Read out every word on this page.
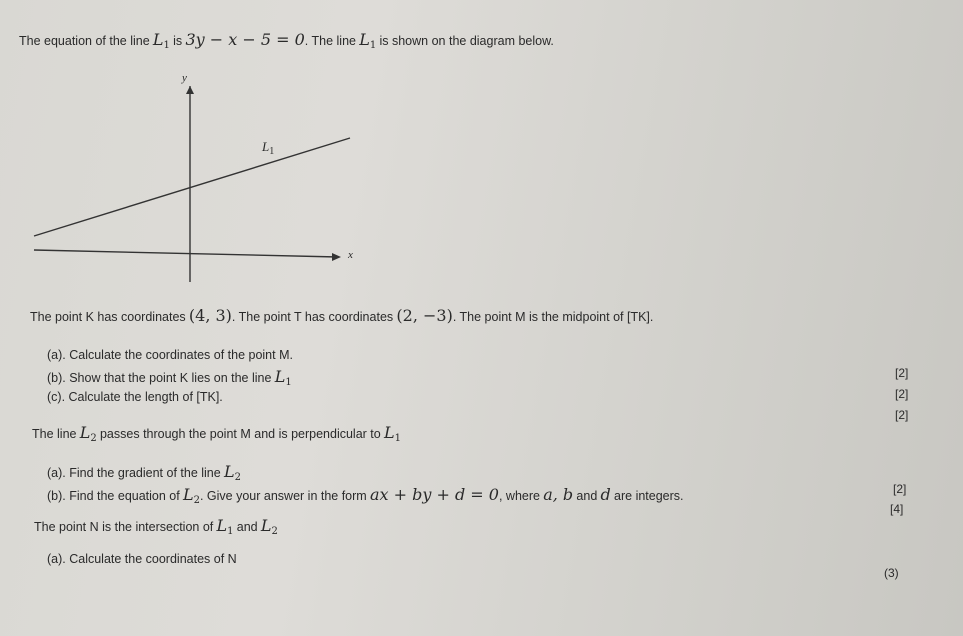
The equation of the line L1 is 3y − x − 5 = 0. The line L1 is shown on the diagram below.
y
x
$L_1$
The point K has coordinates (4, 3). The point T has coordinates (2, −3). The point M is the midpoint of [TK].
(a). Calculate the coordinates of the point M.
(b). Show that the point K lies on the line L1
[2]
(c). Calculate the length of [TK].	[2]
[2]
The line L2 passes through the point M and is perpendicular to L1
(a). Find the gradient of the line L2
[2]
(b). Find the equation of L2. Give your answer in the form ax + by + d = 0, where a, b and d are integers.
[4]
The point N is the intersection of L1 and L2
(a). Calculate the coordinates of N
(3)
